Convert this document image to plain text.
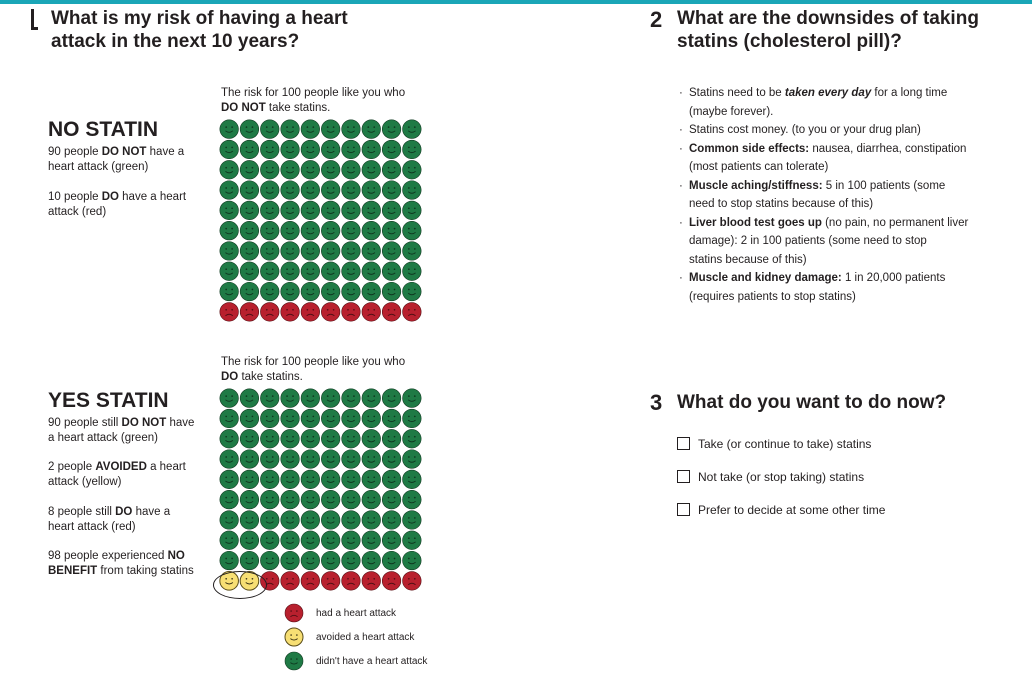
What is my risk of having a heart
attack in the next 10 years?
The risk for 100 people like you who
DO NOT take statins.
NO STATIN
90 people DO NOT have a
heart attack (green)
10 people DO have a heart
attack (red)
The risk for 100 people like you who
DO take statins.
YES STATIN
90 people still DO NOT have
a heart attack (green)
2 people AVOIDED a heart
attack (yellow)
8 people still DO have a
heart attack (red)
98 people experienced NO
BENEFIT from taking statins
had a heart attack
avoided a heart attack
didn't have a heart attack
2 What are the downsides of taking
statins (cholesterol pill)?
· Statins need to be taken every day for a long time
(maybe forever).
· Statins cost money. (to you or your drug plan)
· Common side effects: nausea, diarrhea, constipation
(most patients can tolerate)
· Muscle aching/stiffness: 5 in 100 patients (some
need to stop statins because of this)
· Liver blood test goes up (no pain, no permanent liver
damage): 2 in 100 patients (some need to stop
statins because of this)
· Muscle and kidney damage: 1 in 20,000 patients
(requires patients to stop statins)
3 What do you want to do now?
Take (or continue to take) statins
Not take (or stop taking) statins
Prefer to decide at some other time
